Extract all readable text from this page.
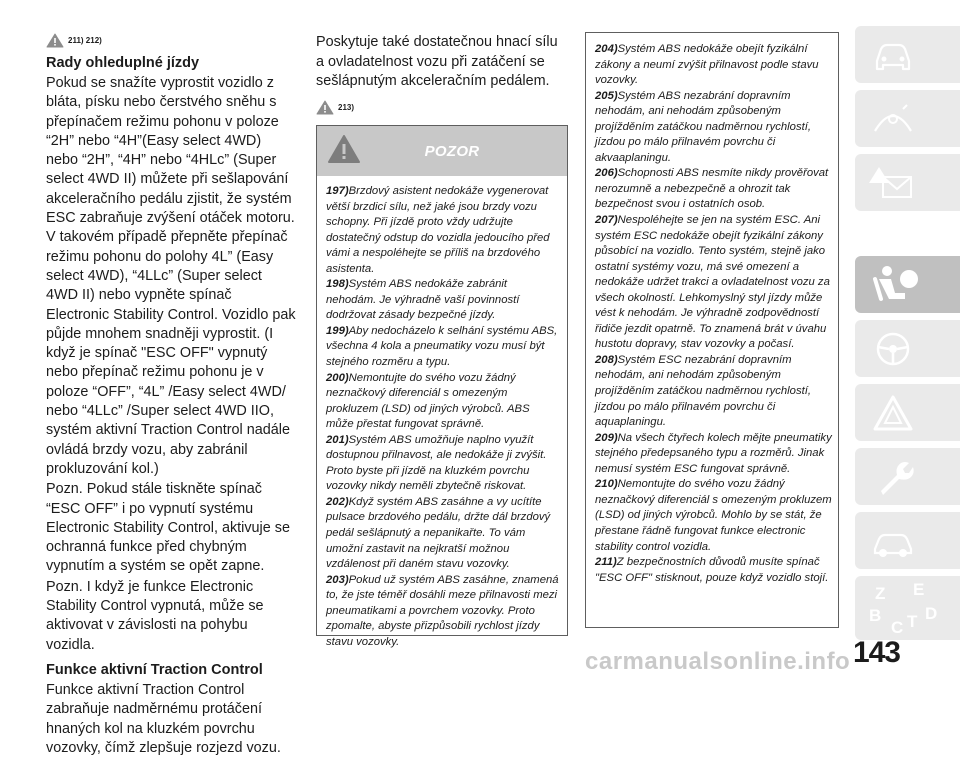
211) 212)
Rady ohleduplné jízdy

Pokud se snažíte vyprostit vozidlo z bláta, písku nebo čerstvého sněhu s přepínačem režimu pohonu v poloze “2H” nebo “4H”(Easy select 4WD) nebo “2H”, “4H” nebo “4HLc” (Super select 4WD II) můžete při sešlapování akceleračního pedálu zjistit, že systém ESC zabraňuje zvýšení otáček motoru. V takovém případě přepněte přepínač režimu pohonu do polohy 4L” (Easy select 4WD), “4LLc” (Super select 4WD II) nebo vypněte spínač Electronic Stability Control. Vozidlo pak půjde mnohem snadněji vyprostit. (I když je spínač "ESC OFF" vypnutý nebo přepínač režimu pohonu je v poloze “OFF”, “4L” /Easy select 4WD/ nebo “4LLc” /Super select 4WD IIO, systém aktivní Traction Control nadále ovládá brzdy vozu, aby zabránil prokluzování kol.)

Pozn. Pokud stále tiskněte spínač “ESC OFF” i po vypnutí systému Electronic Stability Control, aktivuje se ochranná funkce před chybným vypnutím a systém se opět zapne.

Pozn. I když je funkce Electronic Stability Control vypnutá, může se aktivovat v závislosti na pohybu vozidla.

Funkce aktivní Traction Control

Funkce aktivní Traction Control zabraňuje nadměrnému protáčení hnaných kol na kluzkém povrchu vozovky, čímž zlepšuje rozjezd vozu.

Poskytuje také dostatečnou hnací sílu a ovladatelnost vozu při zatáčení se sešlápnutým akceleračním pedálem.

213)
POZOR

197)Brzdový asistent nedokáže vygenerovat větší brzdicí sílu, než jaké jsou brzdy vozu schopny. Při jízdě proto vždy udržujte dostatečný odstup do vozidla jedoucího před vámi a nespoléhejte se příliš na brzdového asistenta.

198)Systém ABS nedokáže zabránit nehodám. Je výhradně vaší povinností dodržovat zásady bezpečné jízdy.

199)Aby nedocházelo k selhání systému ABS, všechna 4 kola a pneumatiky vozu musí být stejného rozměru a typu.

200)Nemontujte do svého vozu žádný neznačkový diferenciál s omezeným prokluzem (LSD) od jiných výrobců. ABS může přestat fungovat správně.

201)Systém ABS umožňuje naplno využít dostupnou přilnavost, ale nedokáže ji zvýšit. Proto byste při jízdě na kluzkém povrchu vozovky nikdy neměli zbytečně riskovat.

202)Když systém ABS zasáhne a vy ucítíte pulsace brzdového pedálu, držte dál brzdový pedál sešlápnutý a nepanikařte. To vám umožní zastavit na nejkratší možnou vzdálenost při daném stavu vozovky.

203)Pokud už systém ABS zasáhne, znamená to, že jste téměř dosáhli meze přilnavosti mezi pneumatikami a povrchem vozovky. Proto zpomalte, abyste přizpůsobili rychlost jízdy stavu vozovky.

204)Systém ABS nedokáže obejít fyzikální zákony a neumí zvýšit přilnavost podle stavu vozovky.

205)Systém ABS nezabrání dopravním nehodám, ani nehodám způsobeným projížděním zatáčkou nadměrnou rychlostí, jízdou po málo přilnavém povrchu či akvaaplaningu.

206)Schopnosti ABS nesmíte nikdy prověřovat nerozumně a nebezpečně a ohrozit tak bezpečnost svou i ostatních osob.

207)Nespoléhejte se jen na systém ESC. Ani systém ESC nedokáže obejít fyzikální zákony působící na vozidlo. Tento systém, stejně jako ostatní systémy vozu, má své omezení a nedokáže udržet trakci a ovladatelnost vozu za všech okolností. Lehkomyslný styl jízdy může vést k nehodám. Je výhradně zodpovědností řidiče jezdit opatrně. To znamená brát v úvahu hustotu dopravy, stav vozovky a počasí.

208)Systém ESC nezabrání dopravním nehodám, ani nehodám způsobeným projížděním zatáčkou nadměrnou rychlostí, jízdou po málo přilnavém povrchu či aquaplaningu.

209)Na všech čtyřech kolech mějte pneumatiky stejného předepsaného typu a rozměrů. Jinak nemusí systém ESC fungovat správně.

210)Nemontujte do svého vozu žádný neznačkový diferenciál s omezeným prokluzem (LSD) od jiných výrobců. Mohlo by se stát, že přestane řádně fungovat funkce electronic stability control vozidla.

211)Z bezpečnostních důvodů musíte spínač "ESC OFF" stisknout, pouze když vozidlo stojí.

Z E
B
C T D
143
carmanualsonline.info
